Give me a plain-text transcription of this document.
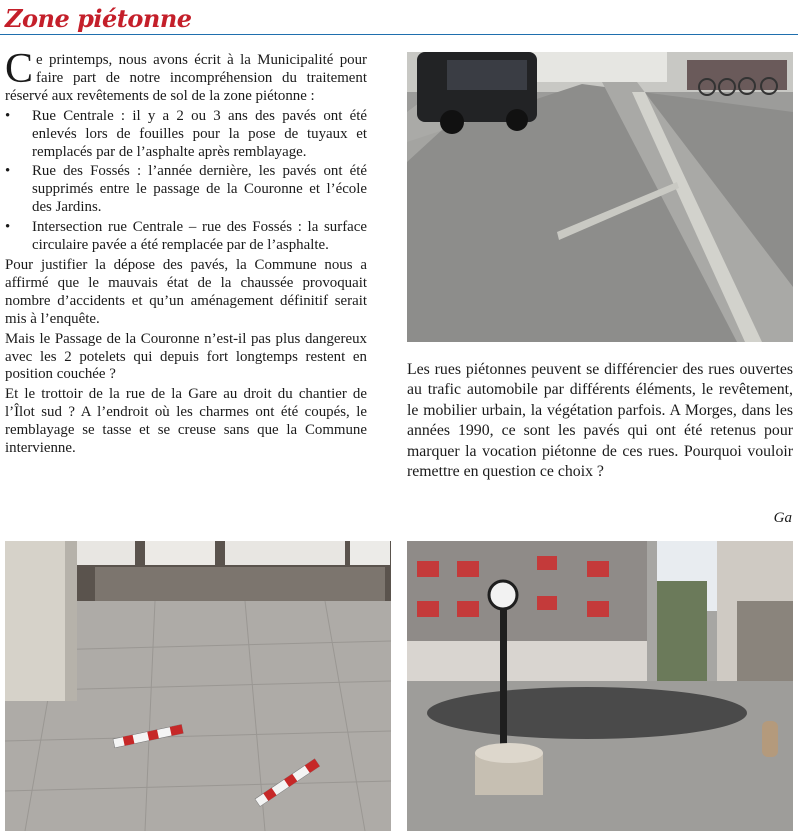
Zone piétonne

Ce printemps, nous avons écrit à la Municipalité pour faire part de notre incompréhension du traitement réservé aux revêtements de sol de la zone piétonne :

• Rue Centrale : il y a 2 ou 3 ans des pavés ont été enlevés lors de fouilles pour la pose de tuyaux et remplacés par de l’asphalte après remblayage.
• Rue des Fossés : l’année dernière, les pavés ont été supprimés entre le passage de la Couronne et l’école des Jardins.
• Intersection rue Centrale – rue des Fossés : la surface circulaire pavée a été remplacée par de l’asphalte.

Pour justifier la dépose des pavés, la Commune nous a affirmé que le mauvais état de la chaussée provoquait nombre d’accidents et qu’un aménagement définitif serait mis à l’enquête.

Mais le Passage de la Couronne n’est-il pas plus dangereux avec les 2 potelets qui depuis fort longtemps restent en position couchée ?

Et le trottoir de la rue de la Gare au droit du chantier de l’Îlot sud ? A l’endroit où les charmes ont été coupés, le remblayage se tasse et se creuse sans que la Commune intervienne.

Les rues piétonnes peuvent se différencier des rues ouvertes au trafic automobile par différents éléments, le revêtement, le mobilier urbain, la végétation parfois. A Morges, dans les années 1990, ce sont les pavés qui ont été retenus pour marquer la vocation piétonne de ces rues. Pourquoi vouloir remettre en question ce choix ?

Ga
